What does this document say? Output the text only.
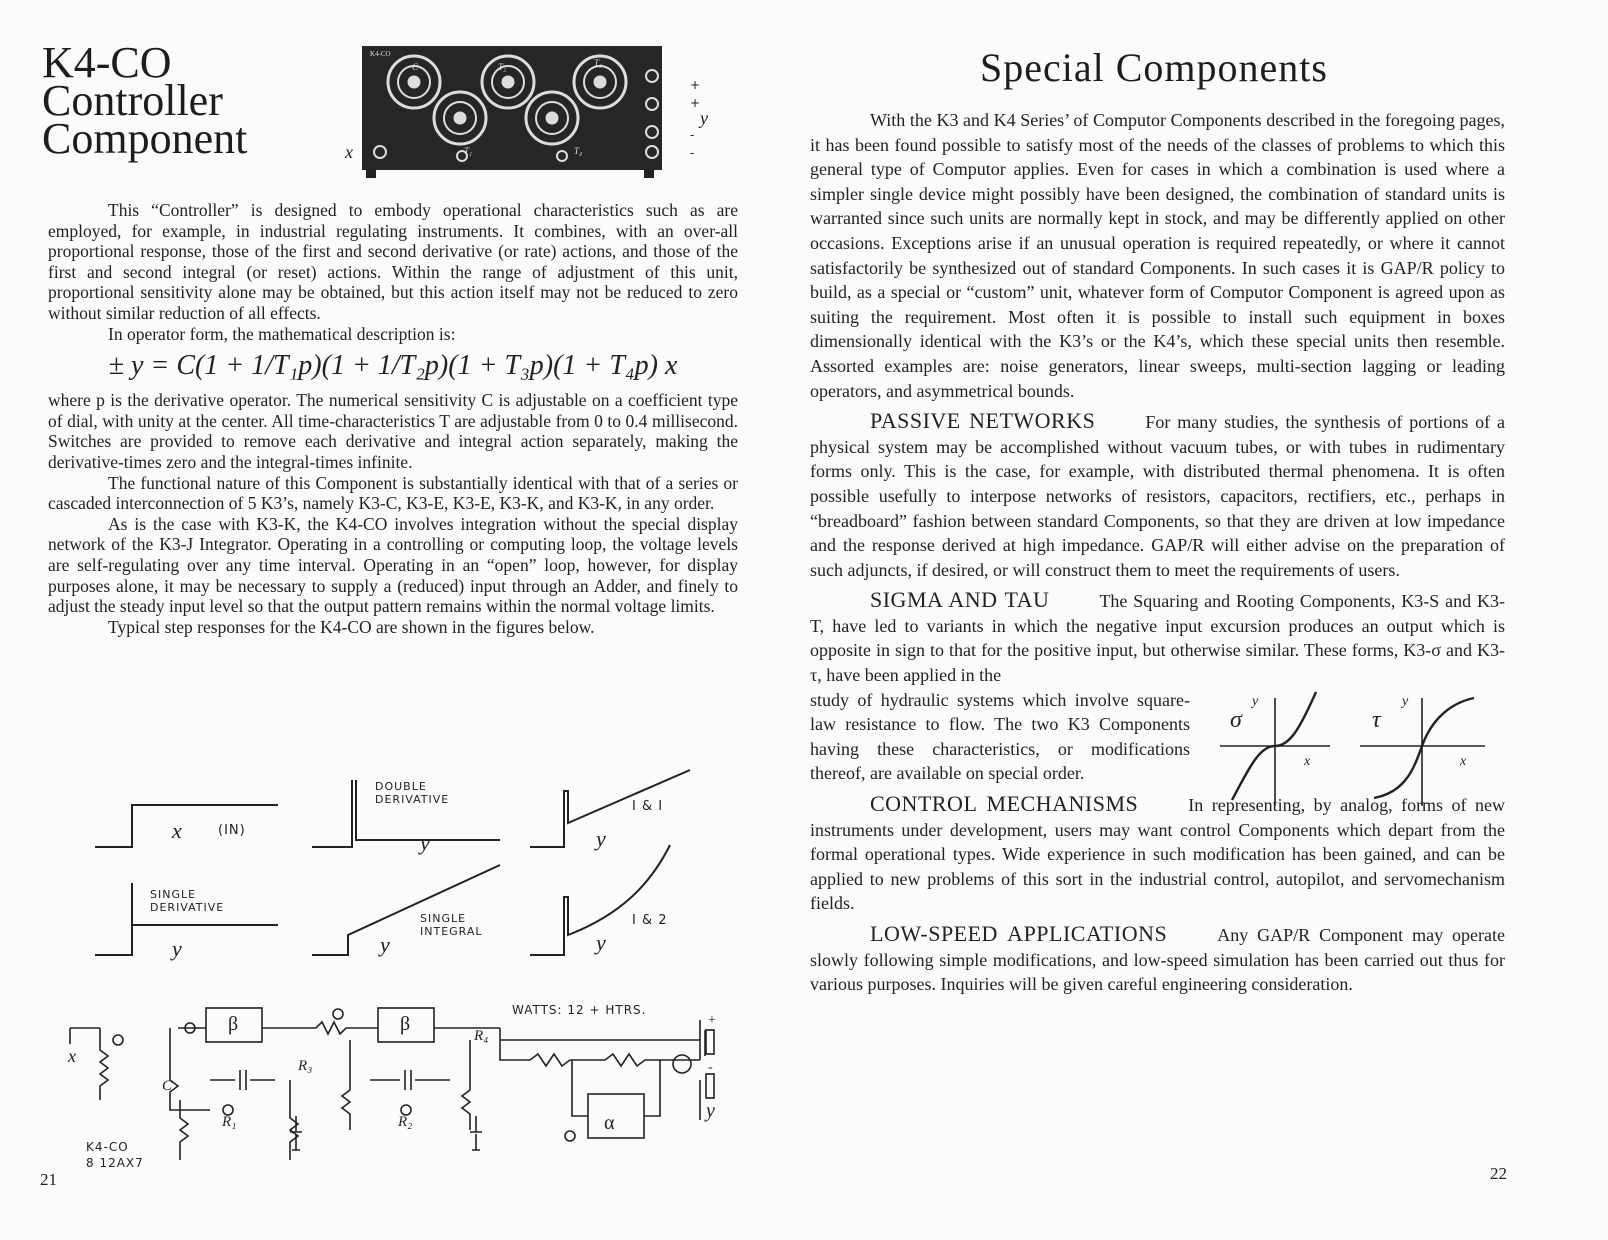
K4-CO
Controller
Component
K4-CO
x
y
+
+
-
-
C	T₂	T₃
T₁	T₄

This “Controller” is designed to embody operational characteristics such as are employed, for example, in industrial regulating instruments. It combines, with an over-all proportional response, those of the first and second derivative (or rate) actions, and those of the first and second integral (or reset) actions. Within the range of adjustment of this unit, proportional sensitivity alone may be obtained, but this action itself may not be reduced to zero without similar reduction of all effects.

In operator form, the mathematical description is:

± y = C(1 + 1/T₁p)(1 + 1/T₂p)(1 + T₃p)(1 + T₄p) x

where p is the derivative operator. The numerical sensitivity C is adjustable on a coefficient type of dial, with unity at the center. All time-characteristics T are adjustable from 0 to 0.4 millisecond. Switches are provided to remove each derivative and integral action separately, making the derivative-times zero and the integral-times infinite.

The functional nature of this Component is substantially identical with that of a series or cascaded interconnection of 5 K3’s, namely K3-C, K3-E, K3-E, K3-K, and K3-K, in any order.

As is the case with K3-K, the K4-CO involves integration without the special display network of the K3-J Integrator. Operating in a controlling or computing loop, the voltage levels are self-regulating over any time interval. Operating in an “open” loop, however, for display purposes alone, it may be necessary to supply a (reduced) input through an Adder, and finely to adjust the steady input level so that the output pattern remains within the normal voltage limits.

Typical step responses for the K4-CO are shown in the figures below.

x	(IN)
DOUBLE
DERIVATIVE
y
SINGLE
DERIVATIVE
y
SINGLE
INTEGRAL
y
I & I
y
I & 2
y
WATTS: 12 + HTRS.
K4-CO
8 12AX7
β	β
α
R₁	R₂
R₃
R₄
C
x
y
+
-
21
Special Components

With the K3 and K4 Series’ of Computor Components described in the foregoing pages, it has been found possible to satisfy most of the needs of the classes of problems to which this general type of Computor applies. Even for cases in which a combination is used where a simpler single device might possibly have been designed, the combination of standard units is warranted since such units are normally kept in stock, and may be differently applied on other occasions. Exceptions arise if an unusual operation is required repeatedly, or where it cannot satisfactorily be synthesized out of standard Components. In such cases it is GAP/R policy to build, as a special or “custom” unit, whatever form of Computor Component is agreed upon as suiting the requirement. Most often it is possible to install such equipment in boxes dimensionally identical with the K3’s or the K4’s, which these special units then resemble. Assorted examples are: noise generators, linear sweeps, multi-section lagging or leading operators, and asymmetrical bounds.

PASSIVE NETWORKS	For many studies, the synthesis of portions of a physical system may be accomplished without vacuum tubes, or with tubes in rudimentary forms only. This is the case, for example, with distributed thermal phenomena. It is often possible usefully to interpose networks of resistors, capacitors, rectifiers, etc., perhaps in “breadboard” fashion between standard Components, so that they are driven at low impedance and the response derived at high impedance. GAP/R will either advise on the preparation of such adjuncts, if desired, or will construct them to meet the requirements of users.

SIGMA AND TAU	The Squaring and Rooting Components, K3-S and K3-T, have led to variants in which the negative input excursion produces an output which is opposite in sign to that for the positive input, but otherwise similar. These forms, K3-σ and K3-τ, have been applied in the

study of hydraulic systems which involve square-law resistance to flow. The two K3 Components having these characteristics, or modifications thereof, are available on special order.

σ
y
x
τ
y
x

CONTROL MECHANISMS	In representing, by analog, forms of new instruments under development, users may want control Components which depart from the formal operational types. Wide experience in such modification has been gained, and can be applied to new problems of this sort in the industrial control, autopilot, and servomechanism fields.

LOW-SPEED APPLICATIONS	Any GAP/R Component may operate slowly following simple modifications, and low-speed simulation has been carried out thus for various purposes. Inquiries will be given careful engineering consideration.

22
